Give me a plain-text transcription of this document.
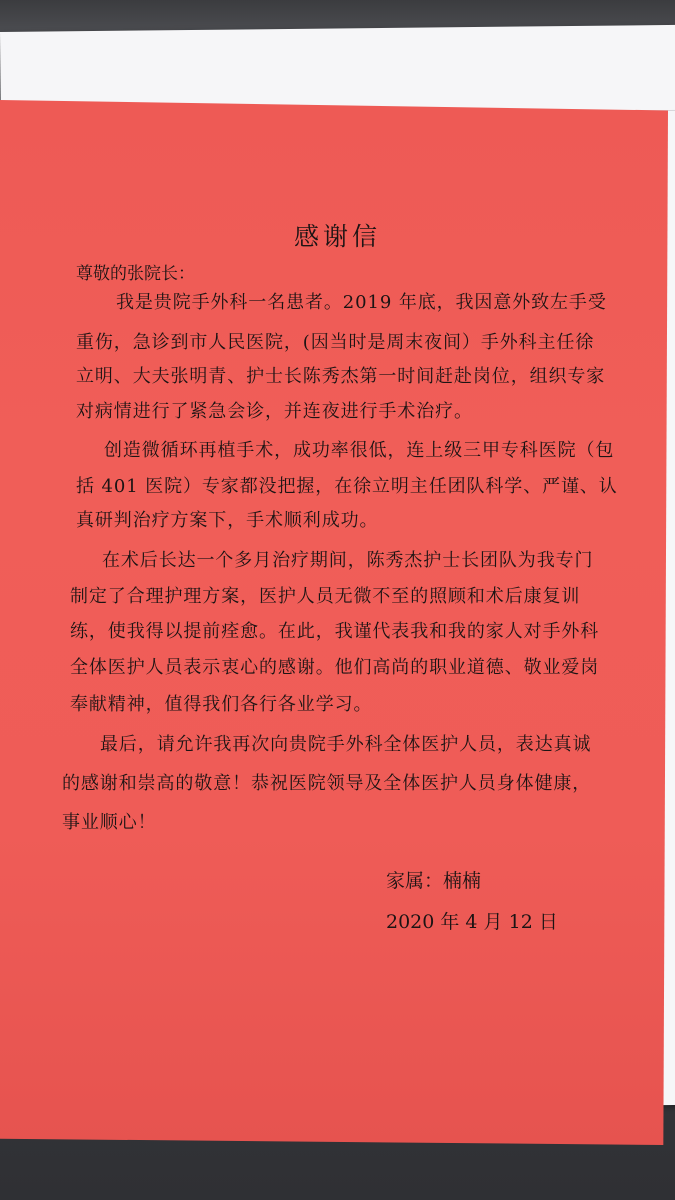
感谢信
尊敬的张院长：
我是贵院手外科一名患者。2019 年底，我因意外致左手受
重伤，急诊到市人民医院，(因当时是周末夜间）手外科主任徐
立明、大夫张明青、护士长陈秀杰第一时间赶赴岗位，组织专家
对病情进行了紧急会诊，并连夜进行手术治疗。
创造微循环再植手术，成功率很低，连上级三甲专科医院（包
括 401 医院）专家都没把握，在徐立明主任团队科学、严谨、认
真研判治疗方案下，手术顺利成功。
在术后长达一个多月治疗期间，陈秀杰护士长团队为我专门
制定了合理护理方案，医护人员无微不至的照顾和术后康复训
练，使我得以提前痊愈。在此，我谨代表我和我的家人对手外科
全体医护人员表示衷心的感谢。他们高尚的职业道德、敬业爱岗
奉献精神，值得我们各行各业学习。
最后，请允许我再次向贵院手外科全体医护人员，表达真诚
的感谢和崇高的敬意！恭祝医院领导及全体医护人员身体健康，
事业顺心！
家属：楠楠
2020 年 4 月 12 日
